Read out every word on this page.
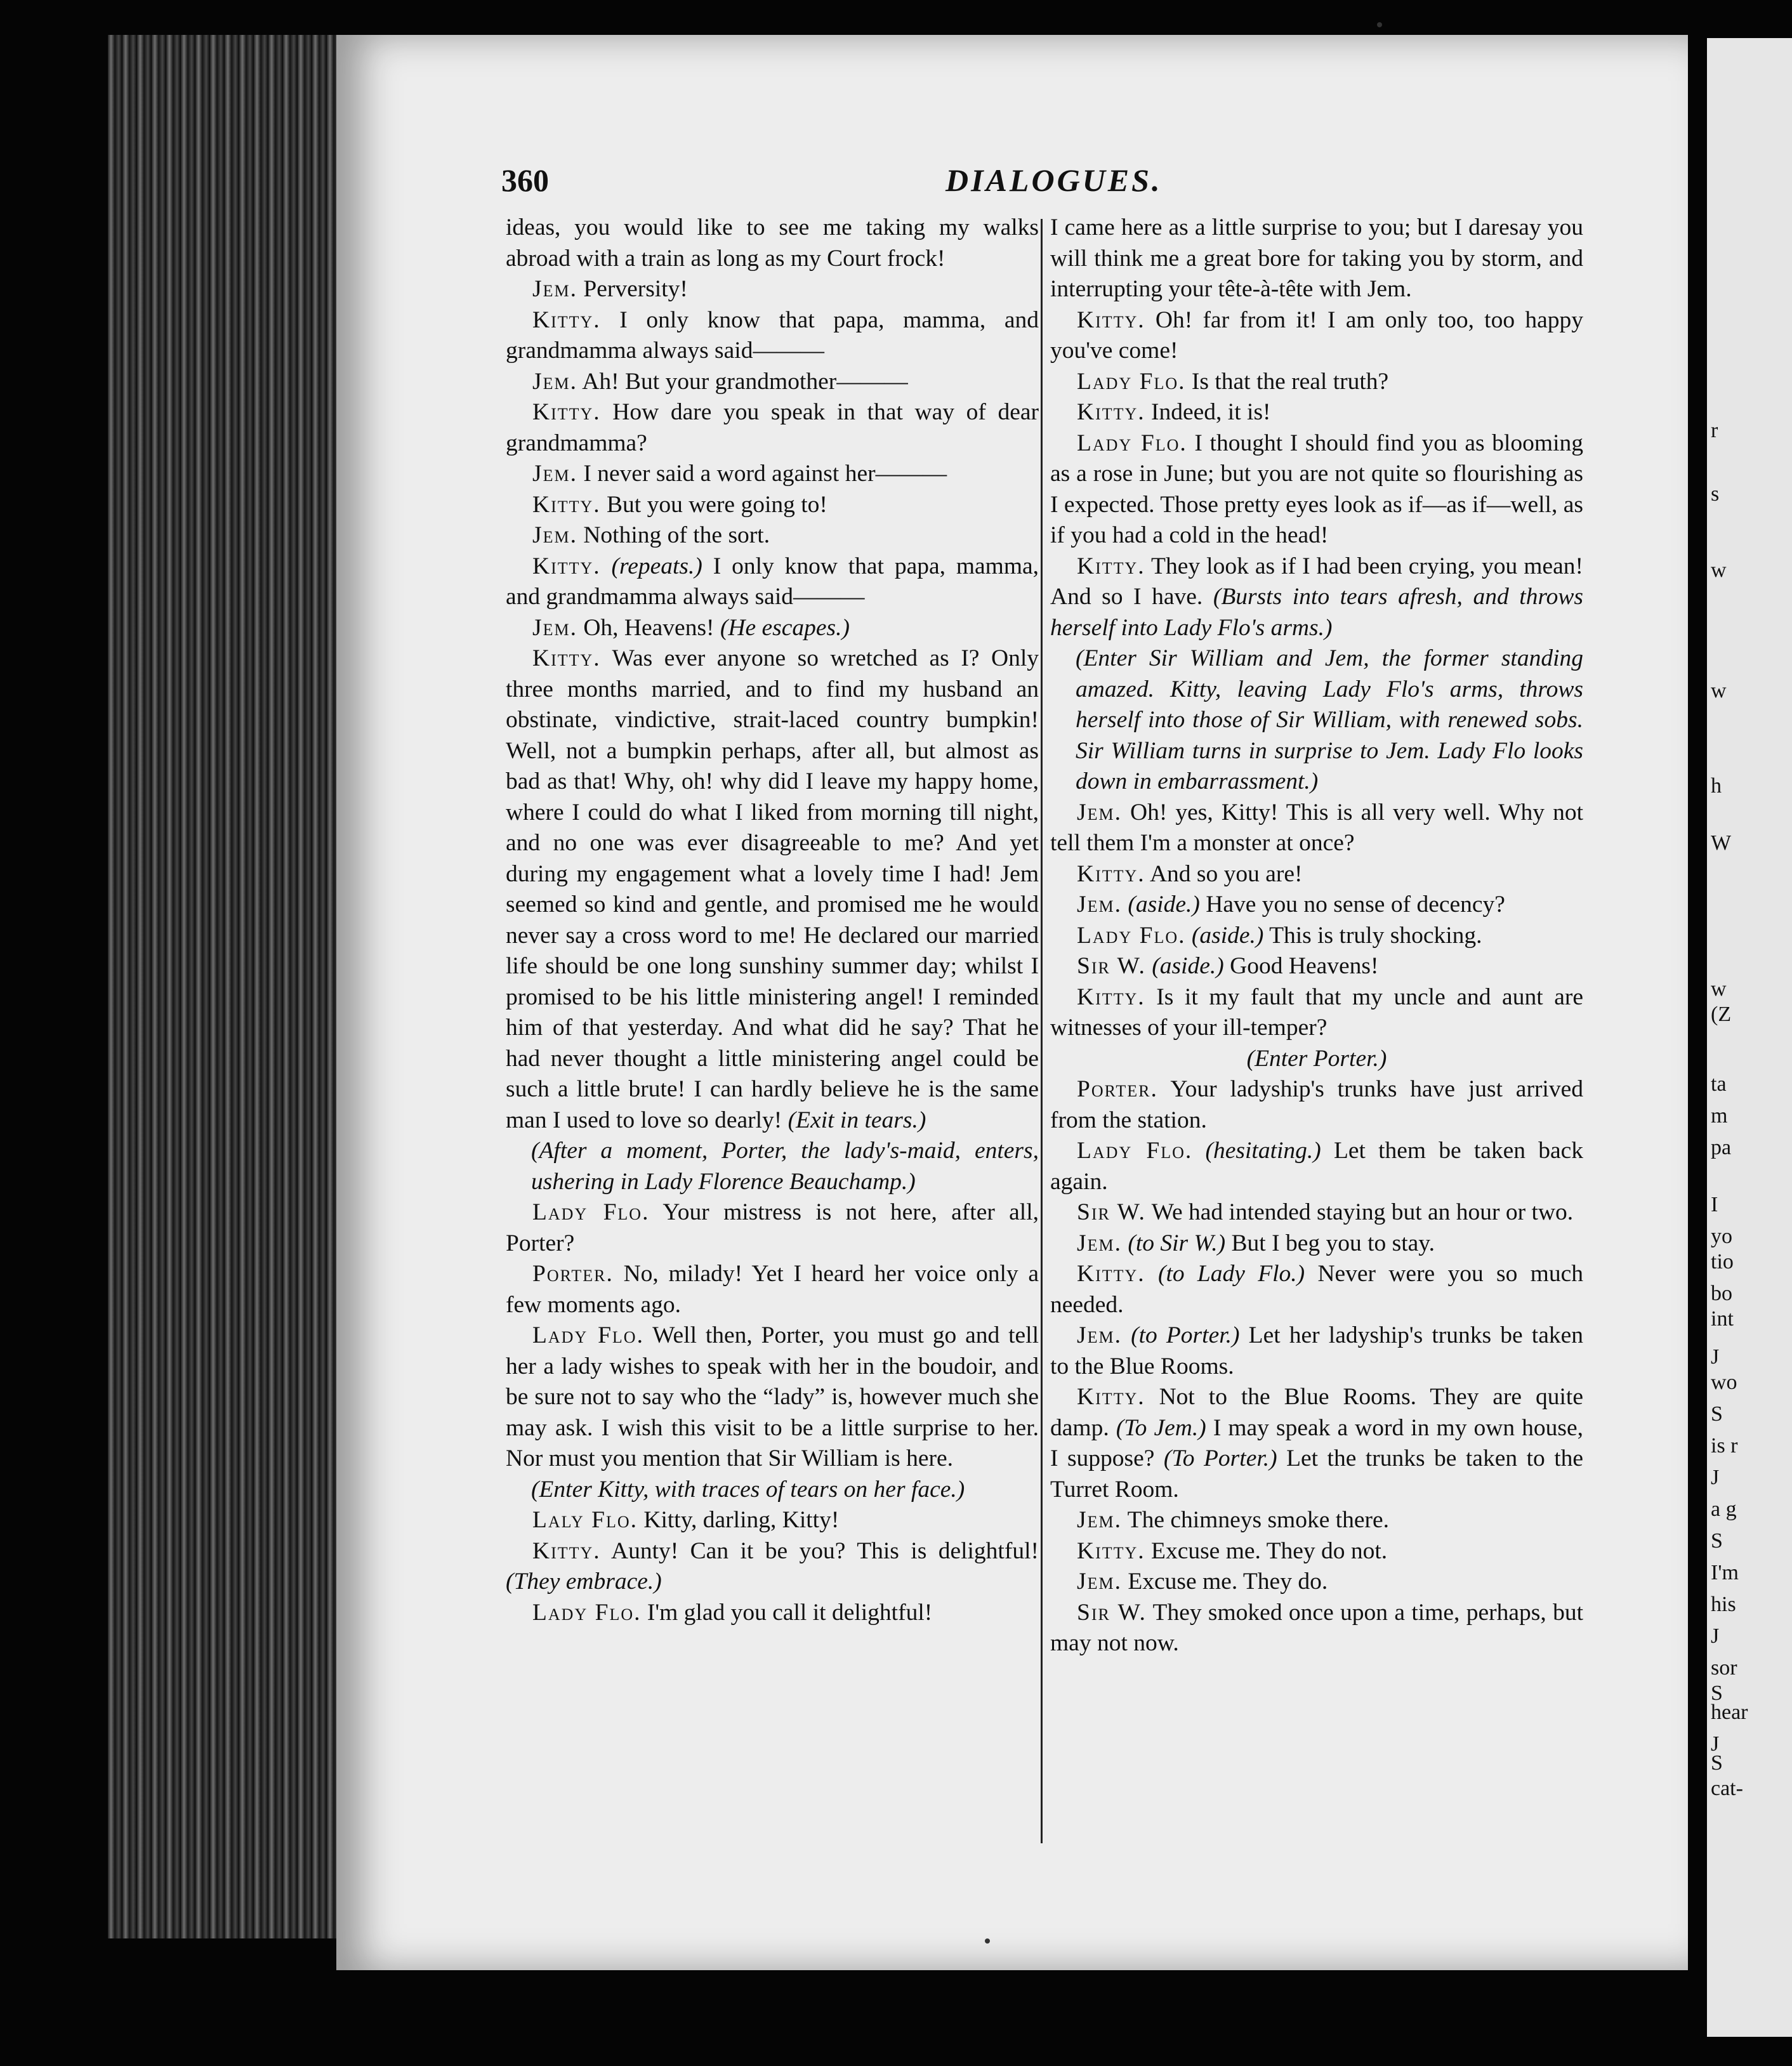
r
s
w
w
h
W
w
(Z
ta
m
pa
I
yo
tio
bo
int
J
wo
S
is r
J
a g
S
I'm
his
J
sor
S
hear
J
S
cat-
360	DIALOGUES.

ideas, you would like to see me taking my walks abroad with a train as long as my Court frock!

Jem. Perversity!

Kitty. I only know that papa, mamma, and grandmamma always said———

Jem. Ah! But your grandmother———

Kitty. How dare you speak in that way of dear grandmamma?

Jem. I never said a word against her———

Kitty. But you were going to!

Jem. Nothing of the sort.

Kitty. (repeats.) I only know that papa, mamma, and grandmamma always said———

Jem. Oh, Heavens! (He escapes.)

Kitty. Was ever anyone so wretched as I? Only three months married, and to find my husband an obstinate, vindictive, strait-laced country bumpkin! Well, not a bumpkin perhaps, after all, but almost as bad as that! Why, oh! why did I leave my happy home, where I could do what I liked from morning till night, and no one was ever disagreeable to me? And yet during my engagement what a lovely time I had! Jem seemed so kind and gentle, and promised me he would never say a cross word to me! He declared our married life should be one long sunshiny summer day; whilst I promised to be his little ministering angel! I reminded him of that yesterday. And what did he say? That he had never thought a little ministering angel could be such a little brute! I can hardly believe he is the same man I used to love so dearly! (Exit in tears.)

(After a moment, Porter, the lady's-maid, enters, ushering in Lady Florence Beauchamp.)

Lady Flo. Your mistress is not here, after all, Porter?

Porter. No, milady! Yet I heard her voice only a few moments ago.

Lady Flo. Well then, Porter, you must go and tell her a lady wishes to speak with her in the boudoir, and be sure not to say who the “lady” is, however much she may ask. I wish this visit to be a little surprise to her. Nor must you mention that Sir William is here.

(Enter Kitty, with traces of tears on her face.)

Laly Flo. Kitty, darling, Kitty!

Kitty. Aunty! Can it be you? This is delightful! (They embrace.)

Lady Flo. I'm glad you call it delightful!

I came here as a little surprise to you; but I daresay you will think me a great bore for taking you by storm, and interrupting your tête-à-tête with Jem.

Kitty. Oh! far from it! I am only too, too happy you've come!

Lady Flo. Is that the real truth?

Kitty. Indeed, it is!

Lady Flo. I thought I should find you as blooming as a rose in June; but you are not quite so flourishing as I expected. Those pretty eyes look as if—as if—well, as if you had a cold in the head!

Kitty. They look as if I had been crying, you mean! And so I have. (Bursts into tears afresh, and throws herself into Lady Flo's arms.)

(Enter Sir William and Jem, the former standing amazed. Kitty, leaving Lady Flo's arms, throws herself into those of Sir William, with renewed sobs. Sir William turns in surprise to Jem. Lady Flo looks down in embarrassment.)

Jem. Oh! yes, Kitty! This is all very well. Why not tell them I'm a monster at once?

Kitty. And so you are!

Jem. (aside.) Have you no sense of decency?

Lady Flo. (aside.) This is truly shocking.

Sir W. (aside.) Good Heavens!

Kitty. Is it my fault that my uncle and aunt are witnesses of your ill-temper?

(Enter Porter.)

Porter. Your ladyship's trunks have just arrived from the station.

Lady Flo. (hesitating.) Let them be taken back again.

Sir W. We had intended staying but an hour or two.

Jem. (to Sir W.) But I beg you to stay.

Kitty. (to Lady Flo.) Never were you so much needed.

Jem. (to Porter.) Let her ladyship's trunks be taken to the Blue Rooms.

Kitty. Not to the Blue Rooms. They are quite damp. (To Jem.) I may speak a word in my own house, I suppose? (To Porter.) Let the trunks be taken to the Turret Room.

Jem. The chimneys smoke there.

Kitty. Excuse me. They do not.

Jem. Excuse me. They do.

Sir W. They smoked once upon a time, perhaps, but may not now.
